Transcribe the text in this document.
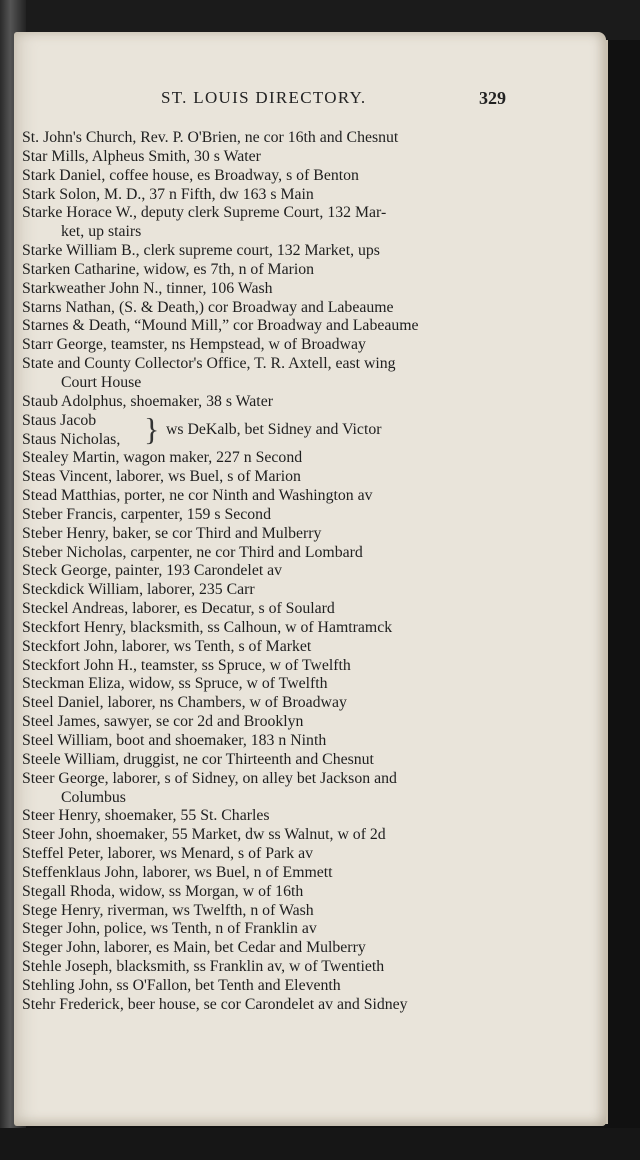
ST. LOUIS DIRECTORY.	329
St. John's Church, Rev. P. O'Brien, ne cor 16th and Chesnut
Star Mills, Alpheus Smith, 30 s Water
Stark Daniel, coffee house, es Broadway, s of Benton
Stark Solon, M. D., 37 n Fifth, dw 163 s Main
Starke Horace W., deputy clerk Supreme Court, 132 Mar-
ket, up stairs
Starke William B., clerk supreme court, 132 Market, ups
Starken Catharine, widow, es 7th, n of Marion
Starkweather John N., tinner, 106 Wash
Starns Nathan, (S. & Death,) cor Broadway and Labeaume
Starnes & Death, “Mound Mill,” cor Broadway and Labeaume
Starr George, teamster, ns Hempstead, w of Broadway
State and County Collector's Office, T. R. Axtell, east wing
Court House
Staub Adolphus, shoemaker, 38 s Water
Staus Jacob
Staus Nicholas, } ws DeKalb, bet Sidney and Victor
Stealey Martin, wagon maker, 227 n Second
Steas Vincent, laborer, ws Buel, s of Marion
Stead Matthias, porter, ne cor Ninth and Washington av
Steber Francis, carpenter, 159 s Second
Steber Henry, baker, se cor Third and Mulberry
Steber Nicholas, carpenter, ne cor Third and Lombard
Steck George, painter, 193 Carondelet av
Steckdick William, laborer, 235 Carr
Steckel Andreas, laborer, es Decatur, s of Soulard
Steckfort Henry, blacksmith, ss Calhoun, w of Hamtramck
Steckfort John, laborer, ws Tenth, s of Market
Steckfort John H., teamster, ss Spruce, w of Twelfth
Steckman Eliza, widow, ss Spruce, w of Twelfth
Steel Daniel, laborer, ns Chambers, w of Broadway
Steel James, sawyer, se cor 2d and Brooklyn
Steel William, boot and shoemaker, 183 n Ninth
Steele William, druggist, ne cor Thirteenth and Chesnut
Steer George, laborer, s of Sidney, on alley bet Jackson and
Columbus
Steer Henry, shoemaker, 55 St. Charles
Steer John, shoemaker, 55 Market, dw ss Walnut, w of 2d
Steffel Peter, laborer, ws Menard, s of Park av
Steffenklaus John, laborer, ws Buel, n of Emmett
Stegall Rhoda, widow, ss Morgan, w of 16th
Stege Henry, riverman, ws Twelfth, n of Wash
Steger John, police, ws Tenth, n of Franklin av
Steger John, laborer, es Main, bet Cedar and Mulberry
Stehle Joseph, blacksmith, ss Franklin av, w of Twentieth
Stehling John, ss O'Fallon, bet Tenth and Eleventh
Stehr Frederick, beer house, se cor Carondelet av and Sidney
